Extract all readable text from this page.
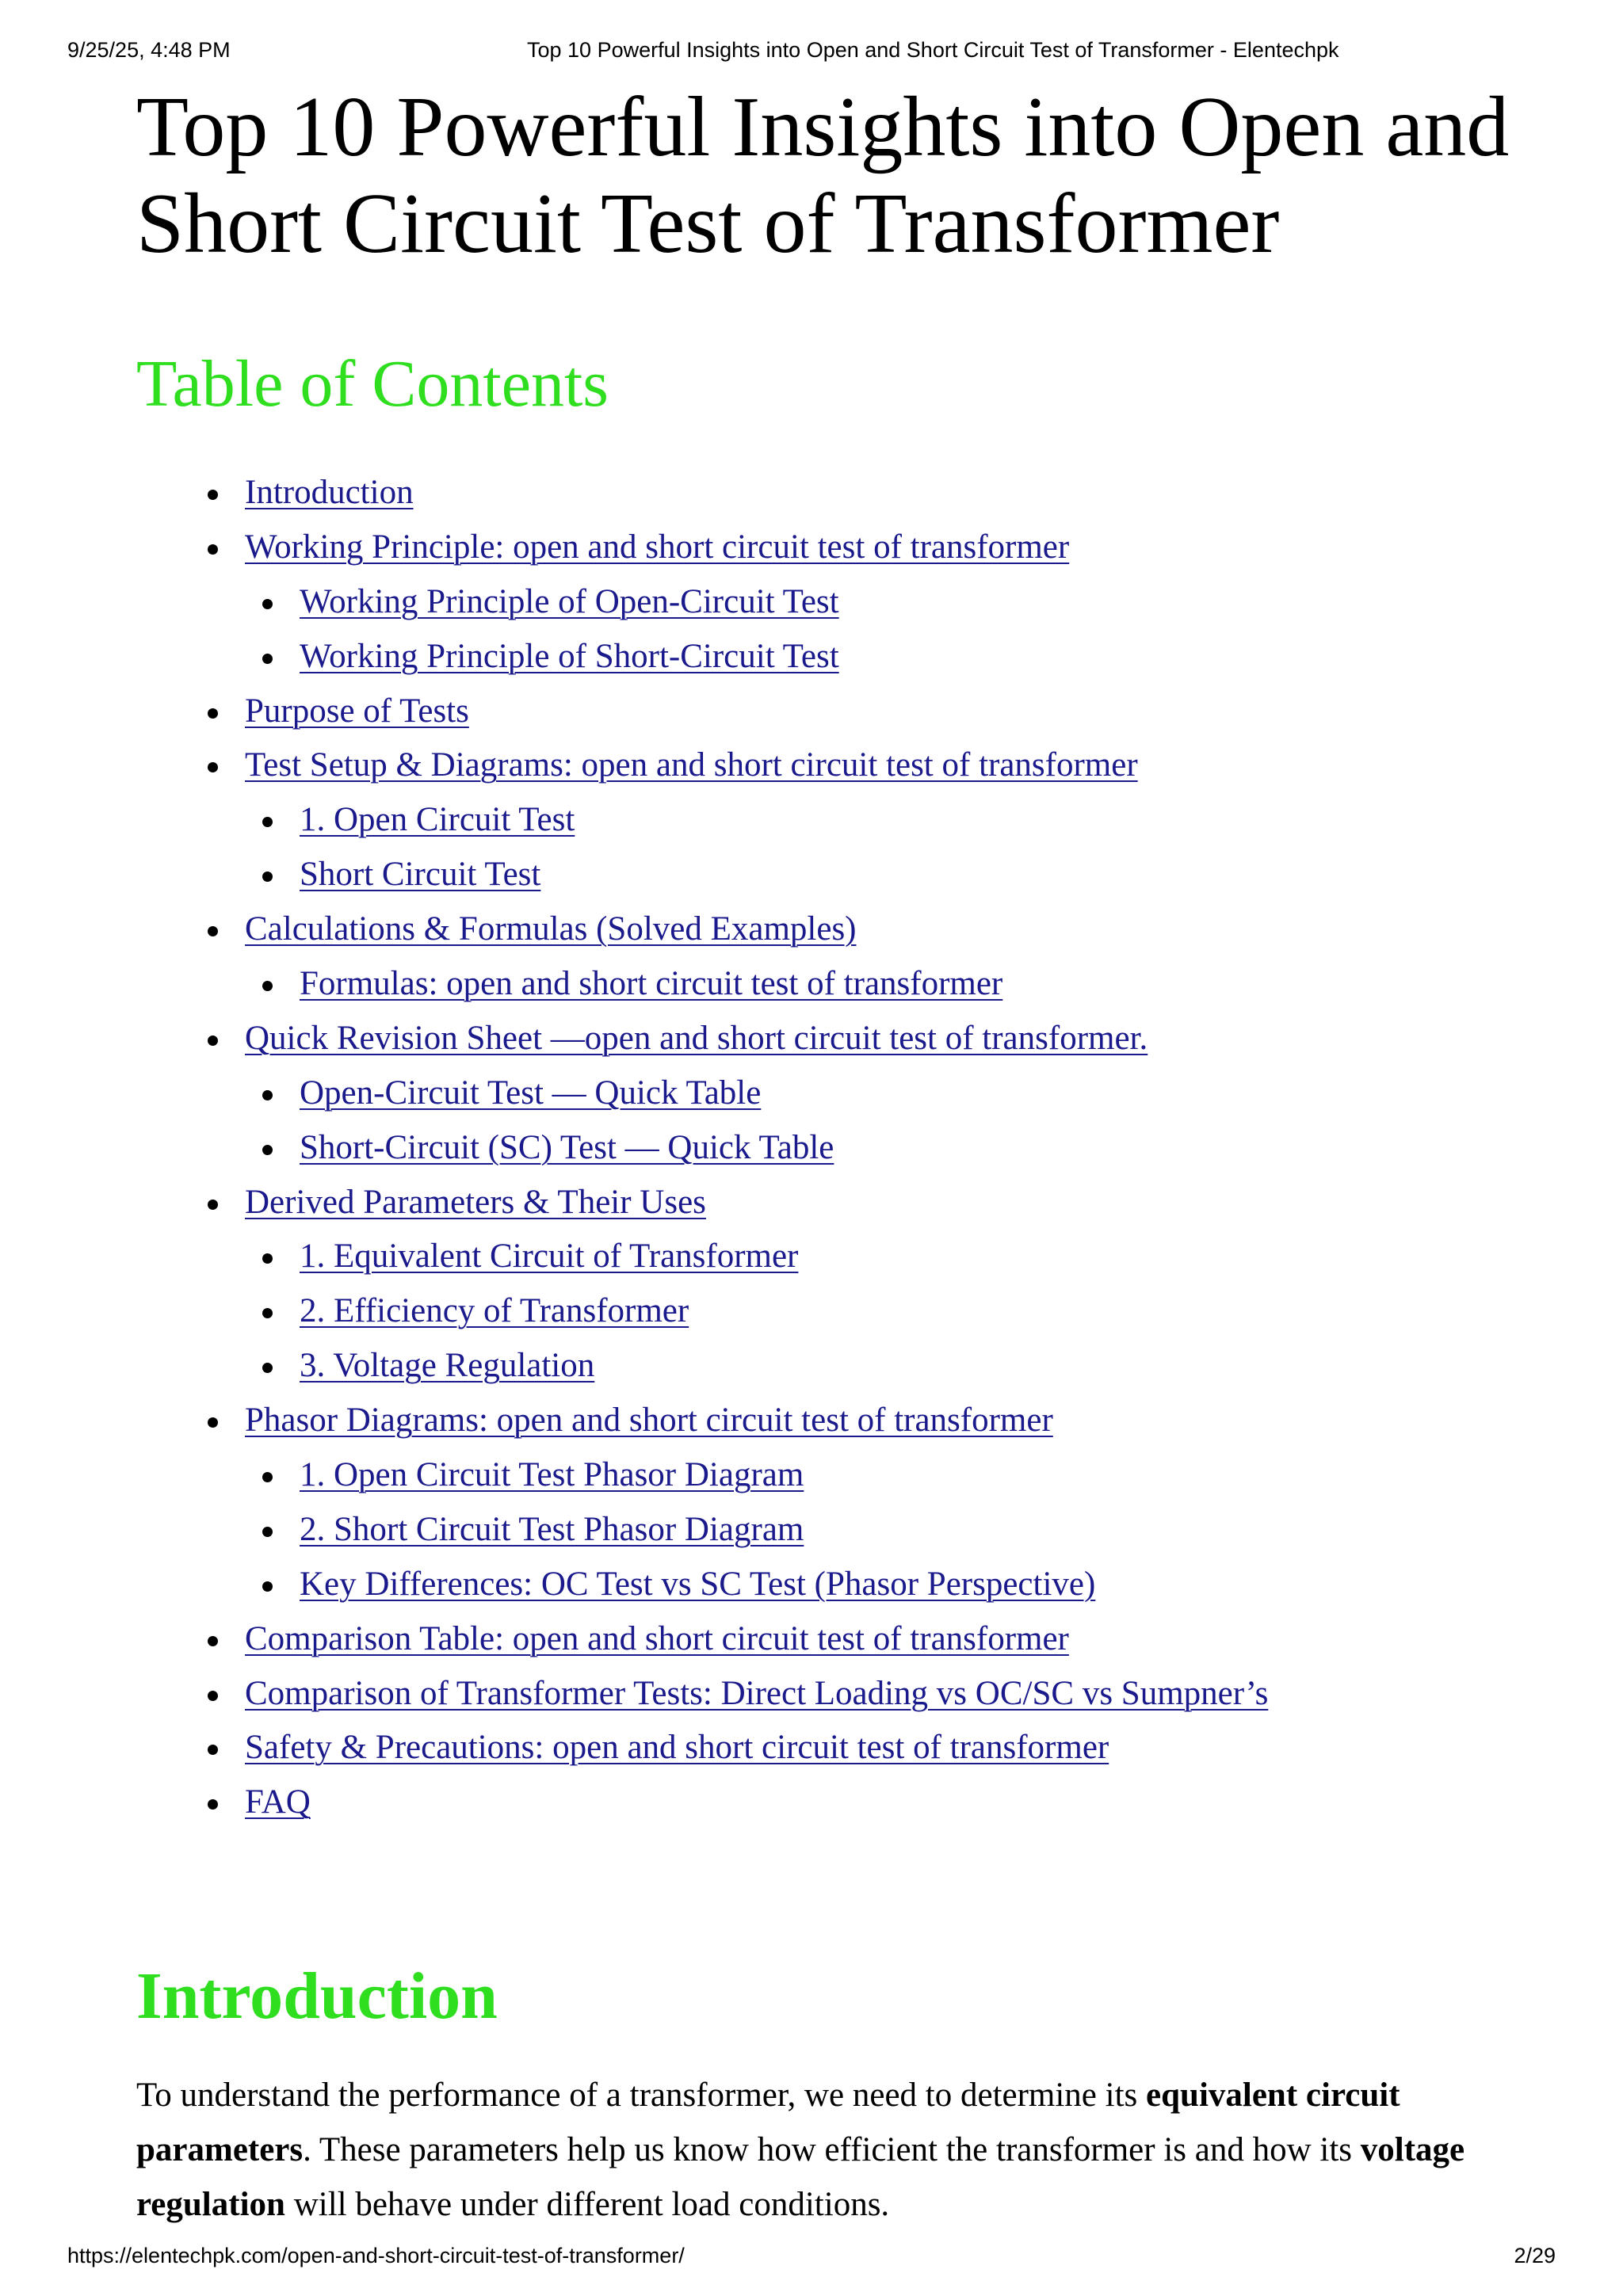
9/25/25, 4:48 PM	Top 10 Powerful Insights into Open and Short Circuit Test of Transformer - Elentechpk
Top 10 Powerful Insights into Open and
Short Circuit Test of Transformer
Table of Contents
Introduction
Working Principle: open and short circuit test of transformer
Working Principle of Open-Circuit Test
Working Principle of Short-Circuit Test
Purpose of Tests
Test Setup & Diagrams: open and short circuit test of transformer
1. Open Circuit Test
Short Circuit Test
Calculations & Formulas (Solved Examples)
Formulas: open and short circuit test of transformer
Quick Revision Sheet —open and short circuit test of transformer.
Open-Circuit Test — Quick Table
Short-Circuit (SC) Test — Quick Table
Derived Parameters & Their Uses
1. Equivalent Circuit of Transformer
2. Efficiency of Transformer
3. Voltage Regulation
Phasor Diagrams: open and short circuit test of transformer
1. Open Circuit Test Phasor Diagram
2. Short Circuit Test Phasor Diagram
Key Differences: OC Test vs SC Test (Phasor Perspective)
Comparison Table: open and short circuit test of transformer
Comparison of Transformer Tests: Direct Loading vs OC/SC vs Sumpner’s
Safety & Precautions: open and short circuit test of transformer
FAQ
Introduction

To understand the performance of a transformer, we need to determine its equivalent circuit parameters. These parameters help us know how efficient the transformer is and how its voltage regulation will behave under different load conditions.

https://elentechpk.com/open-and-short-circuit-test-of-transformer/	2/29
